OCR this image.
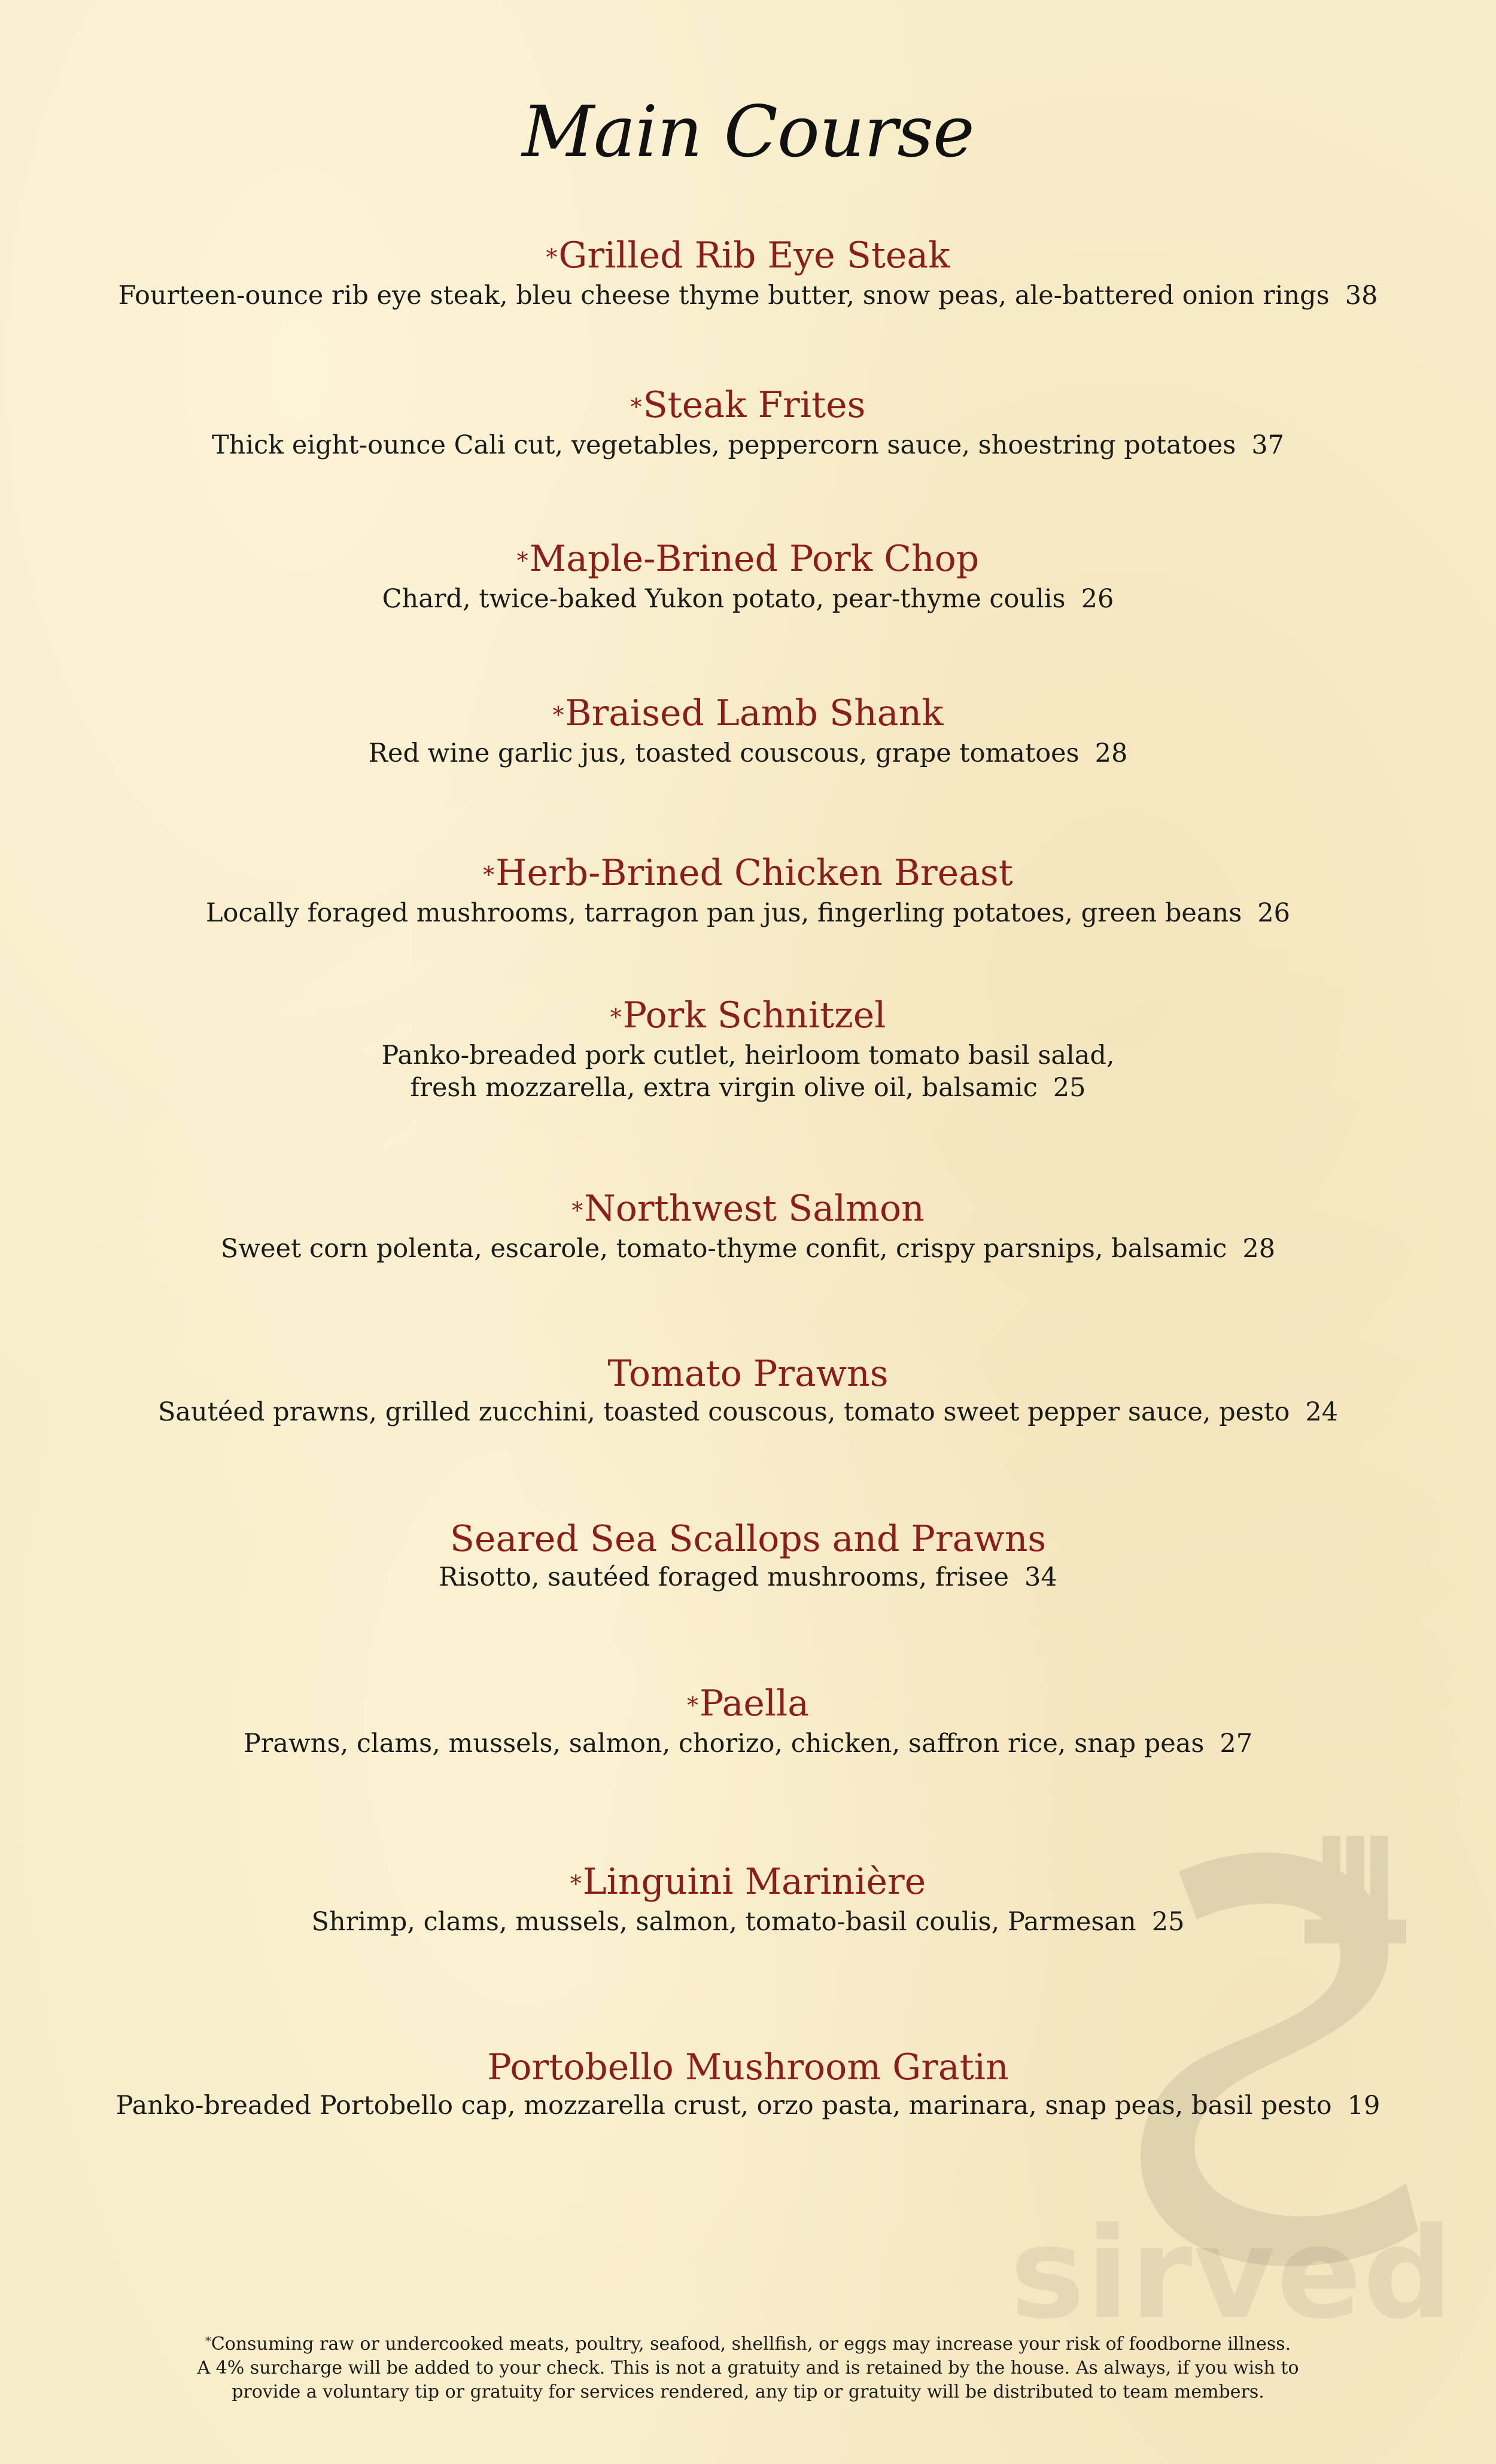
sirved
Main Course
*Grilled Rib Eye Steak
Fourteen-ounce rib eye steak, bleu cheese thyme butter, snow peas, ale-battered onion rings 38
*Steak Frites
Thick eight-ounce Cali cut, vegetables, peppercorn sauce, shoestring potatoes 37
*Maple-Brined Pork Chop
Chard, twice-baked Yukon potato, pear-thyme coulis 26
*Braised Lamb Shank
Red wine garlic jus, toasted couscous, grape tomatoes 28
*Herb-Brined Chicken Breast
Locally foraged mushrooms, tarragon pan jus, fingerling potatoes, green beans 26
*Pork Schnitzel
Panko-breaded pork cutlet, heirloom tomato basil salad,
fresh mozzarella, extra virgin olive oil, balsamic 25
*Northwest Salmon
Sweet corn polenta, escarole, tomato-thyme confit, crispy parsnips, balsamic 28
Tomato Prawns
Sautéed prawns, grilled zucchini, toasted couscous, tomato sweet pepper sauce, pesto 24
Seared Sea Scallops and Prawns
Risotto, sautéed foraged mushrooms, frisee 34
*Paella
Prawns, clams, mussels, salmon, chorizo, chicken, saffron rice, snap peas 27
*Linguini Marinière
Shrimp, clams, mussels, salmon, tomato-basil coulis, Parmesan 25
Portobello Mushroom Gratin
Panko-breaded Portobello cap, mozzarella crust, orzo pasta, marinara, snap peas, basil pesto 19
*Consuming raw or undercooked meats, poultry, seafood, shellfish, or eggs may increase your risk of foodborne illness.
A 4% surcharge will be added to your check. This is not a gratuity and is retained by the house. As always, if you wish to
provide a voluntary tip or gratuity for services rendered, any tip or gratuity will be distributed to team members.
